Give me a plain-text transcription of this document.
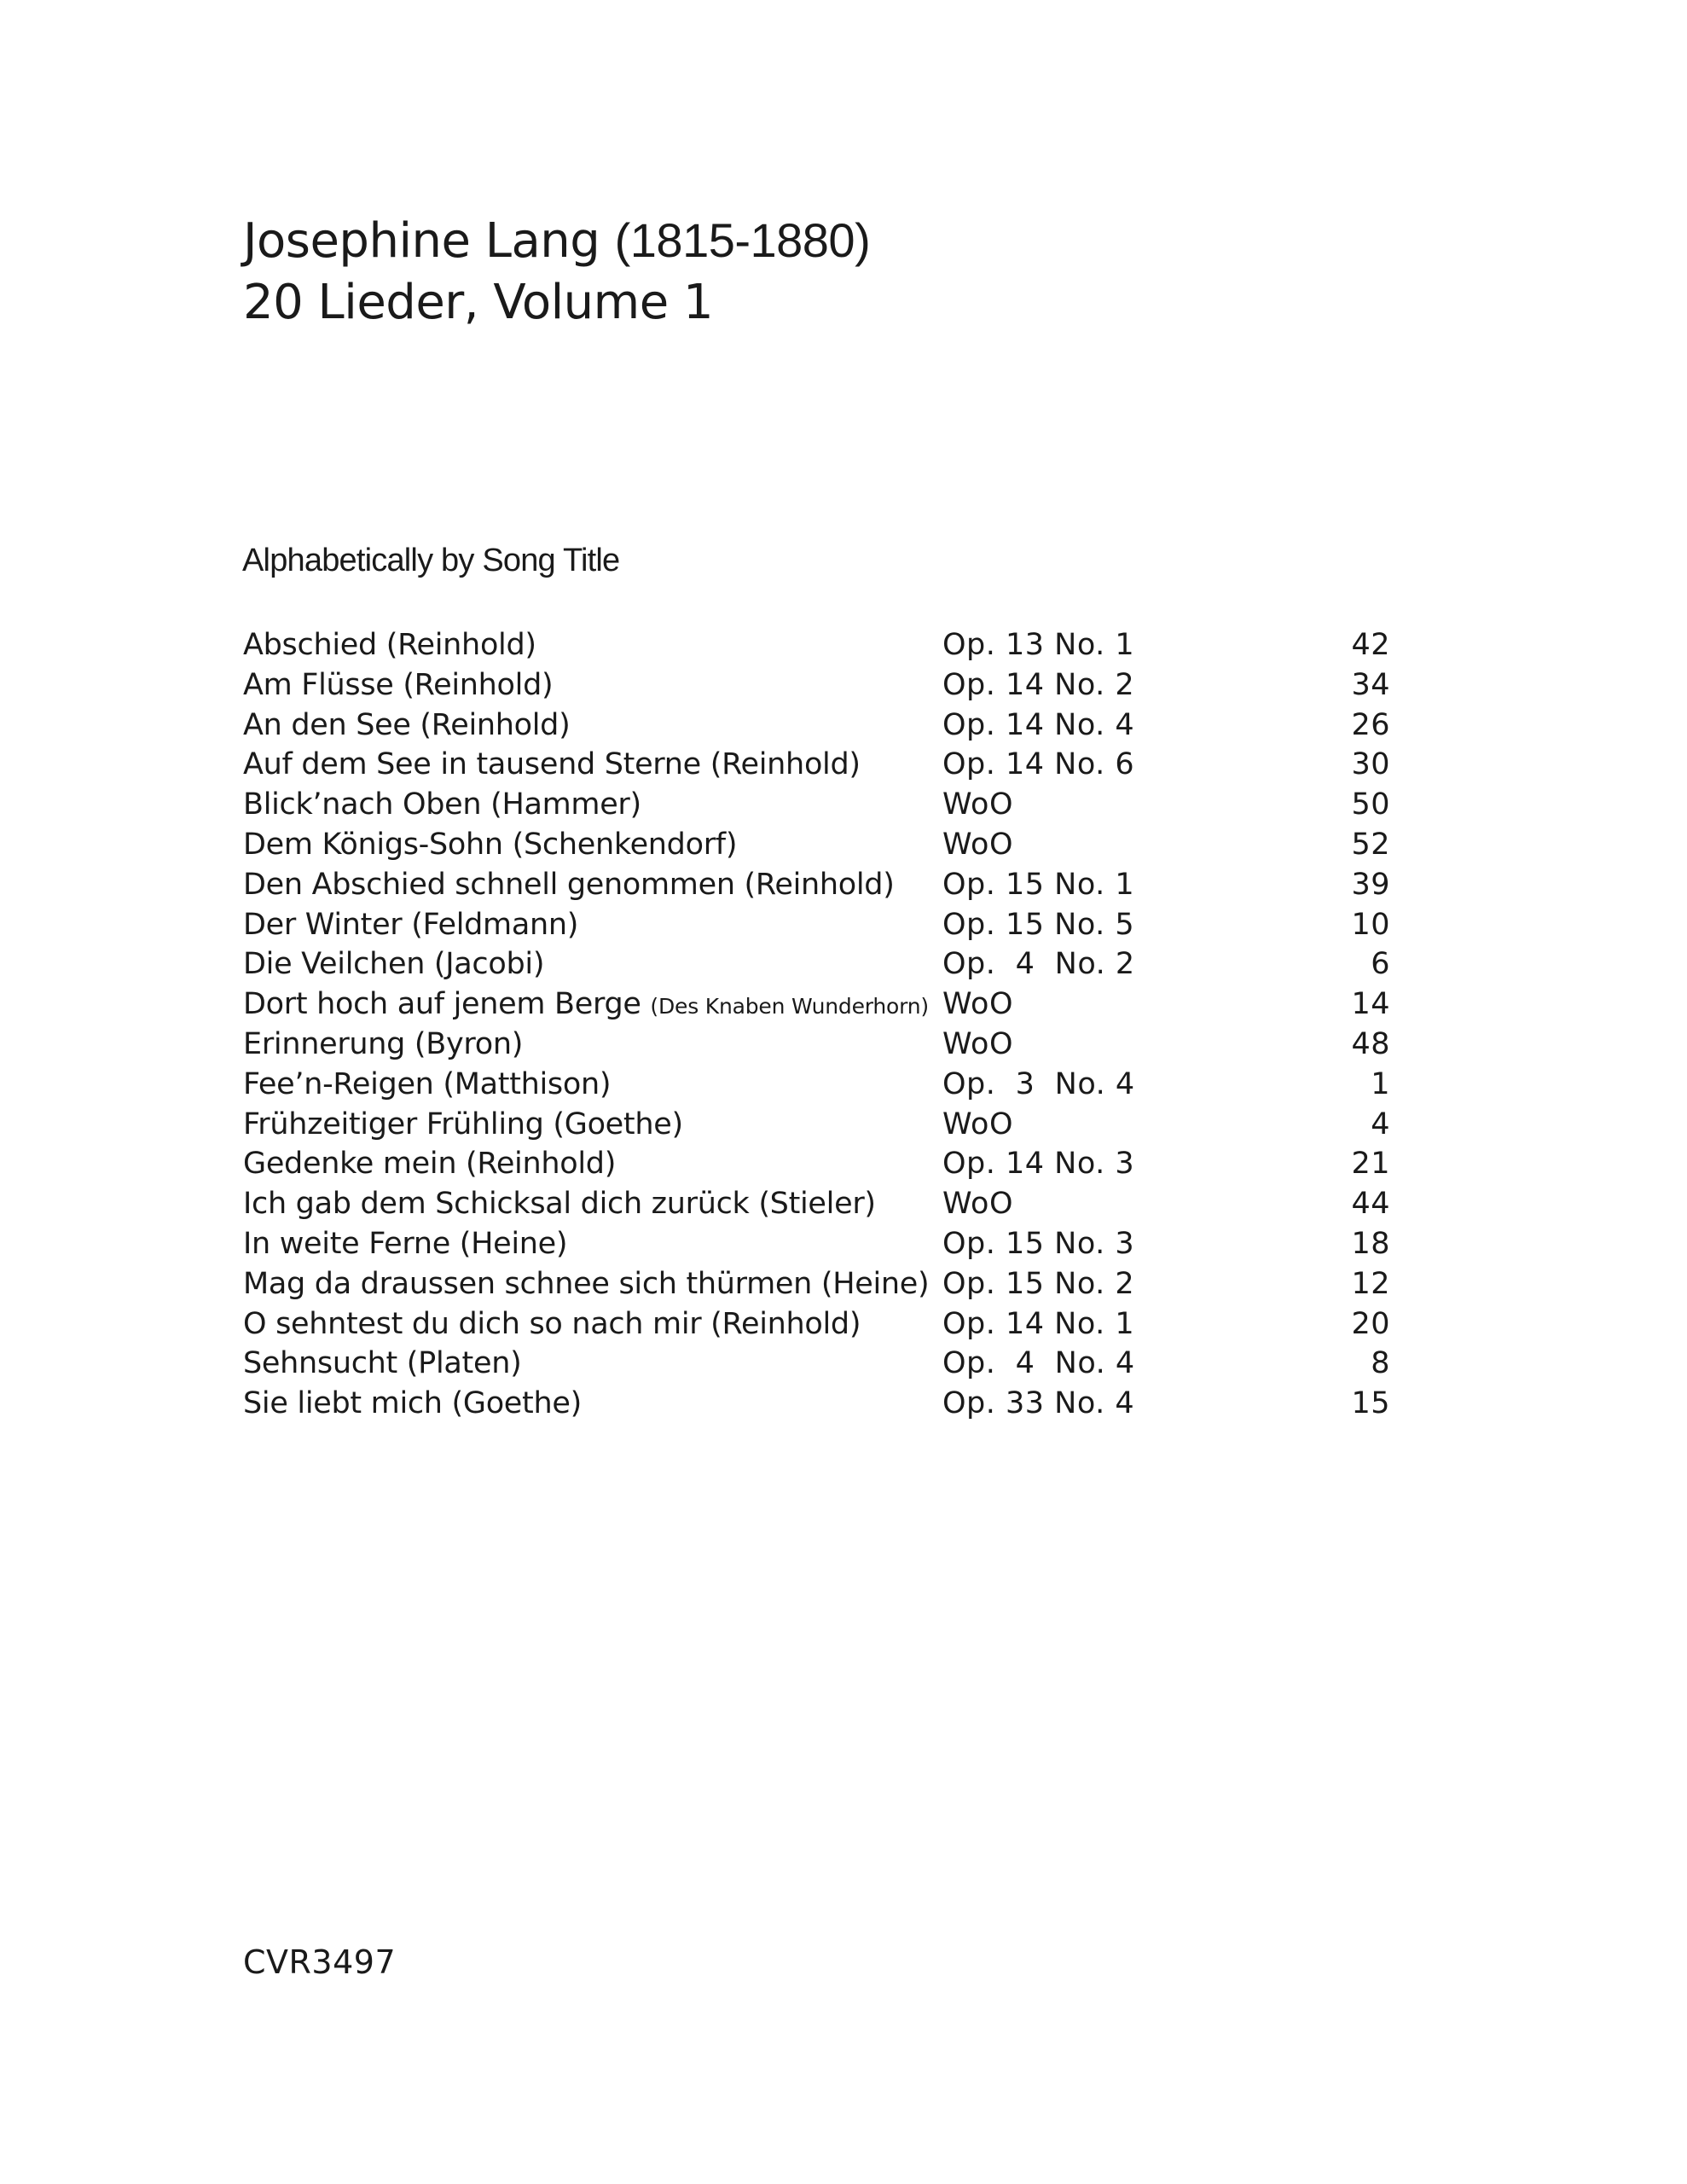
Josephine Lang (1815-1880)
20 Lieder, Volume 1
Alphabetically by Song Title
Abschied (Reinhold)	Op. 13 No. 1	42
Am Flüsse (Reinhold)	Op. 14 No. 2	34
An den See (Reinhold)	Op. 14 No. 4	26
Auf dem See in tausend Sterne (Reinhold)	Op. 14 No. 6	30
Blick’nach Oben (Hammer)	WoO	50
Dem Königs-Sohn (Schenkendorf)	WoO	52
Den Abschied schnell genommen (Reinhold) Op. 15 No. 1	39
Der Winter (Feldmann)	Op. 15 No. 5	10
Die Veilchen (Jacobi)	Op.  4  No. 2	6
Dort hoch auf jenem Berge (Des Knaben Wunderhorn) WoO	14
Erinnerung (Byron)	WoO	48
Fee’n-Reigen (Matthison)	Op.  3  No. 4	1
Frühzeitiger Frühling (Goethe)	WoO	4
Gedenke mein (Reinhold)	Op. 14 No. 3	21
Ich gab dem Schicksal dich zurück (Stieler) WoO	44
In weite Ferne (Heine)	Op. 15 No. 3	18
Mag da draussen schnee sich thürmen (Heine) Op. 15 No. 2	12
O sehntest du dich so nach mir (Reinhold)	Op. 14 No. 1	20
Sehnsucht (Platen)	Op.  4  No. 4	8
Sie liebt mich (Goethe)	Op. 33 No. 4	15
CVR3497
